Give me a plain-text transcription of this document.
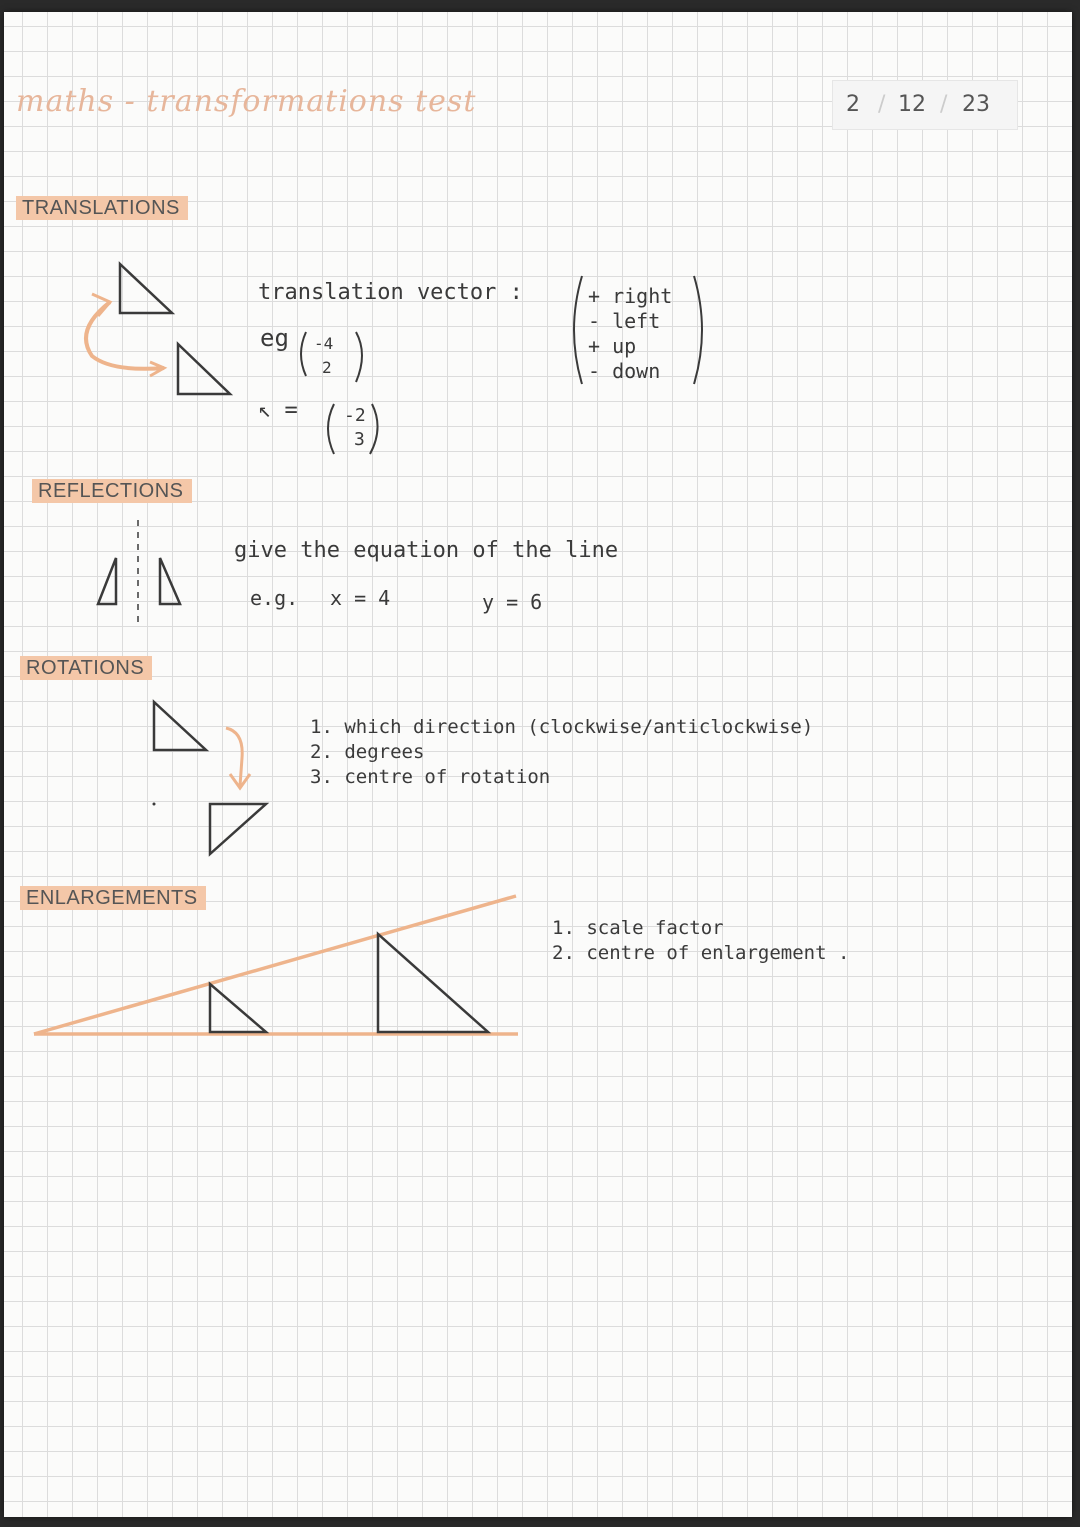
maths - transformations test	2 / 12 / 23
TRANSLATIONS
translation vector :	+ right
- left
+ up
- down
eg -4
2
↖ =	-2
3
REFLECTIONS
give the equation of the line
e.g. x = 4	y = 6
ROTATIONS
1. which direction (clockwise/anticlockwise)
2. degrees
3. centre of rotation
ENLARGEMENTS
1. scale factor
2. centre of enlargement .
